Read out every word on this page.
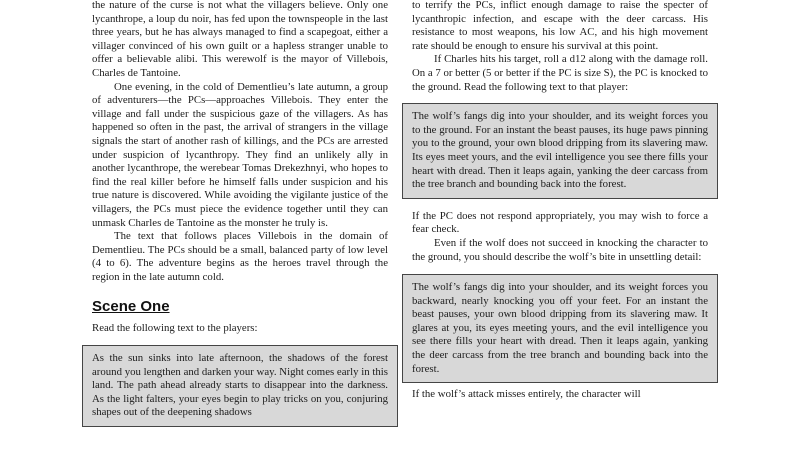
the nature of the curse is not what the villagers believe. Only one lycanthrope, a loup du noir, has fed upon the townspeople in the last three years, but he has always managed to find a scapegoat, either a villager convinced of his own guilt or a hapless stranger unable to offer a believable alibi. This werewolf is the mayor of Villebois, Charles de Tantoine.

One evening, in the cold of Dementlieu’s late autumn, a group of adventurers—the PCs—approaches Villebois. They enter the village and fall under the suspicious gaze of the villagers. As has happened so often in the past, the arrival of strangers in the village signals the start of another rash of killings, and the PCs are arrested under suspicion of lycanthropy. They find an unlikely ally in another lycanthrope, the werebear Tomas Drekezhnyi, who hopes to find the real killer before he himself falls under suspicion and his true nature is discovered. While avoiding the vigilante justice of the villagers, the PCs must piece the evidence together until they can unmask Charles de Tantoine as the monster he truly is.

The text that follows places Villebois in the domain of Dementlieu. The PCs should be a small, balanced party of low level (4 to 6). The adventure begins as the heroes travel through the region in the late autumn cold.

Scene One

Read the following text to the players:

As the sun sinks into late afternoon, the shadows of the forest around you lengthen and darken your way. Night comes early in this land. The path ahead already starts to disappear into the darkness. As the light falters, your eyes begin to play tricks on you, conjuring shapes out of the deepening shadows

to terrify the PCs, inflict enough damage to raise the specter of lycanthropic infection, and escape with the deer carcass. His resistance to most weapons, his low AC, and his high movement rate should be enough to ensure his survival at this point.

If Charles hits his target, roll a d12 along with the damage roll. On a 7 or better (5 or better if the PC is size S), the PC is knocked to the ground. Read the following text to that player:

The wolf’s fangs dig into your shoulder, and its weight forces you to the ground. For an instant the beast pauses, its huge paws pinning you to the ground, your own blood dripping from its slavering maw. Its eyes meet yours, and the evil intelligence you see there fills your heart with dread. Then it leaps again, yanking the deer carcass from the tree branch and bounding back into the forest.

If the PC does not respond appropriately, you may wish to force a fear check.

Even if the wolf does not succeed in knocking the character to the ground, you should describe the wolf’s bite in unsettling detail:

The wolf’s fangs dig into your shoulder, and its weight forces you backward, nearly knocking you off your feet. For an instant the beast pauses, your own blood dripping from its slavering maw. It glares at you, its eyes meeting yours, and the evil intelligence you see there fills your heart with dread. Then it leaps again, yanking the deer carcass from the tree branch and bounding back into the forest.

If the wolf’s attack misses entirely, the character will
